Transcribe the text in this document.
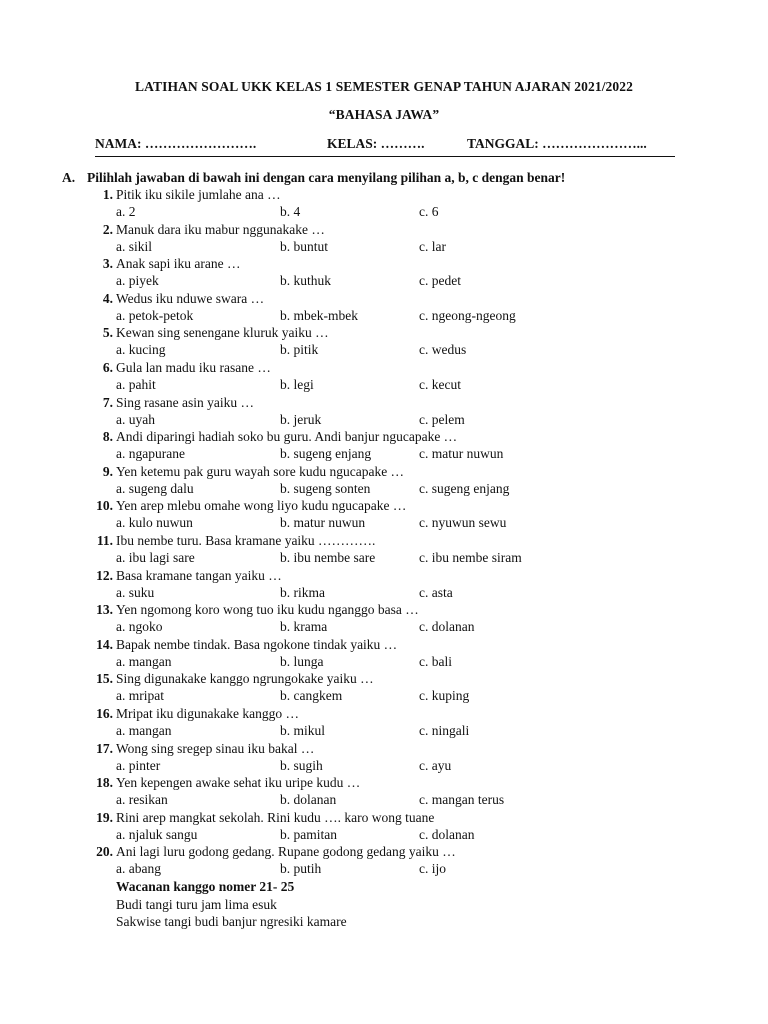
LATIHAN SOAL UKK KELAS 1 SEMESTER GENAP TAHUN AJARAN 2021/2022
“BAHASA JAWA”
NAMA: …………………….	KELAS: ……….	TANGGAL: …………………...
A. Pilihlah jawaban di bawah ini dengan cara menyilang pilihan a, b, c dengan benar!
1. Pitik iku sikile jumlahe ana …
a. 2	b. 4	c. 6
2. Manuk dara iku mabur nggunakake …
a. sikil	b. buntut	c. lar
3. Anak sapi iku arane …
a. piyek	b. kuthuk	c. pedet
4. Wedus iku nduwe swara …
a. petok-petok	b. mbek-mbek	c. ngeong-ngeong
5. Kewan sing senengane kluruk yaiku …
a. kucing	b. pitik	c. wedus
6. Gula lan madu iku rasane …
a. pahit	b. legi	c. kecut
7. Sing rasane asin yaiku …
a. uyah	b. jeruk	c. pelem
8. Andi diparingi hadiah soko bu guru. Andi banjur ngucapake …
a. ngapurane	b. sugeng enjang	c. matur nuwun
9. Yen ketemu pak guru wayah sore kudu ngucapake …
a. sugeng dalu	b. sugeng sonten	c. sugeng enjang
10. Yen arep mlebu omahe wong liyo kudu ngucapake …
a. kulo nuwun	b. matur nuwun	c. nyuwun sewu
11. Ibu nembe turu. Basa kramane yaiku ………….
a. ibu lagi sare	b. ibu nembe sare	c. ibu nembe siram
12. Basa kramane tangan yaiku …
a. suku	b. rikma	c. asta
13. Yen ngomong koro wong tuo iku kudu nganggo basa …
a. ngoko	b. krama	c. dolanan
14. Bapak nembe tindak. Basa ngokone tindak yaiku …
a. mangan	b. lunga	c. bali
15. Sing digunakake kanggo ngrungokake yaiku …
a. mripat	b. cangkem	c. kuping
16. Mripat iku digunakake kanggo …
a. mangan	b. mikul	c. ningali
17. Wong sing sregep sinau iku bakal …
a. pinter	b. sugih	c. ayu
18. Yen kepengen awake sehat iku uripe kudu …
a. resikan	b. dolanan	c. mangan terus
19. Rini arep mangkat sekolah. Rini kudu …. karo wong tuane
a. njaluk sangu	b. pamitan	c. dolanan
20. Ani lagi luru godong gedang. Rupane godong gedang yaiku …
a. abang	b. putih	c. ijo
Wacanan kanggo nomer 21- 25
Budi tangi turu jam lima esuk
Sakwise tangi budi banjur ngresiki kamare
